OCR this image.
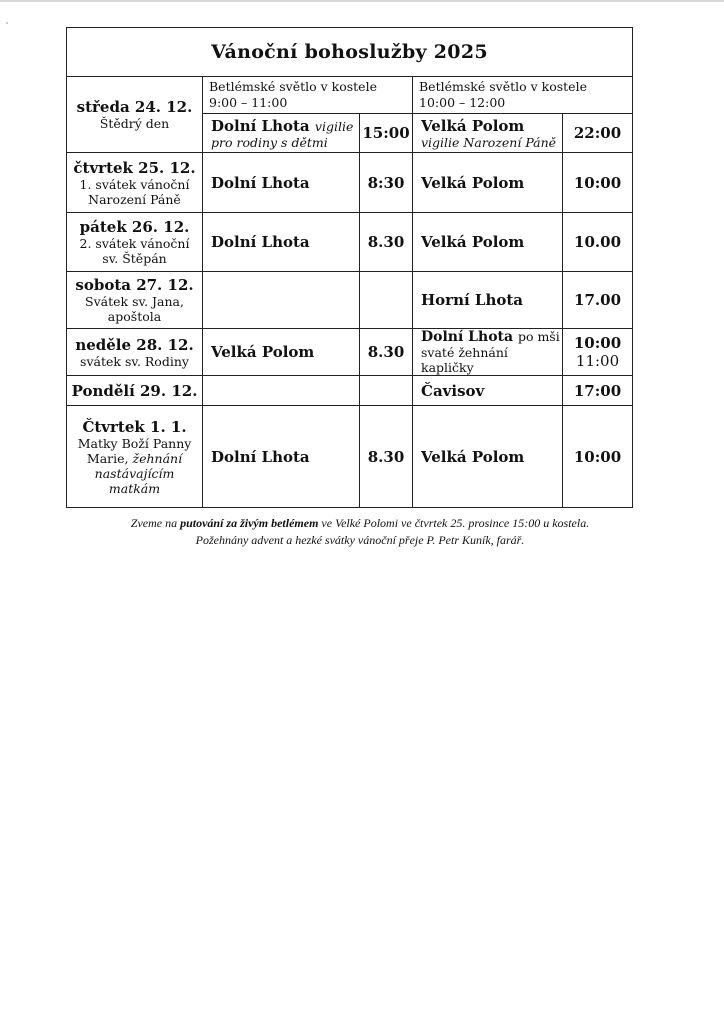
Vánoční bohoslužby 2025				

středa 24. 12.
Štědrý den	Betlémské světlo v kostele
9:00 – 11:00		Betlémské světlo v kostele
10:00 – 12:00	
	Dolní Lhota vigilie
pro rodiny s dětmi	15:00	Velká Polom
vigilie Narození Páně	22:00

čtvrtek 25. 12.
1. svátek vánoční
Narození Páně	Dolní Lhota	8:30	Velká Polom	10:00

pátek 26. 12.
2. svátek vánoční
sv. Štěpán	Dolní Lhota	8.30	Velká Polom	10.00

sobota 27. 12.
Svátek sv. Jana,
apoštola			Horní Lhota	17.00

neděle 28. 12.
svátek sv. Rodiny	Velká Polom	8.30	Dolní Lhota po mši
svaté žehnání kapličky	10:00
11:00

Pondělí 29. 12.			Čavisov	17:00

Čtvrtek 1. 1.
Matky Boží Panny
Marie, žehnání
nastávajícím
matkám	Dolní Lhota	8.30	Velká Polom	10:00
Zveme na putování za živým betlémem ve Velké Polomi ve čtvrtek 25. prosince 15:00 u kostela.
Požehnány advent a hezké svátky vánoční přeje P. Petr Kuník, farář.
